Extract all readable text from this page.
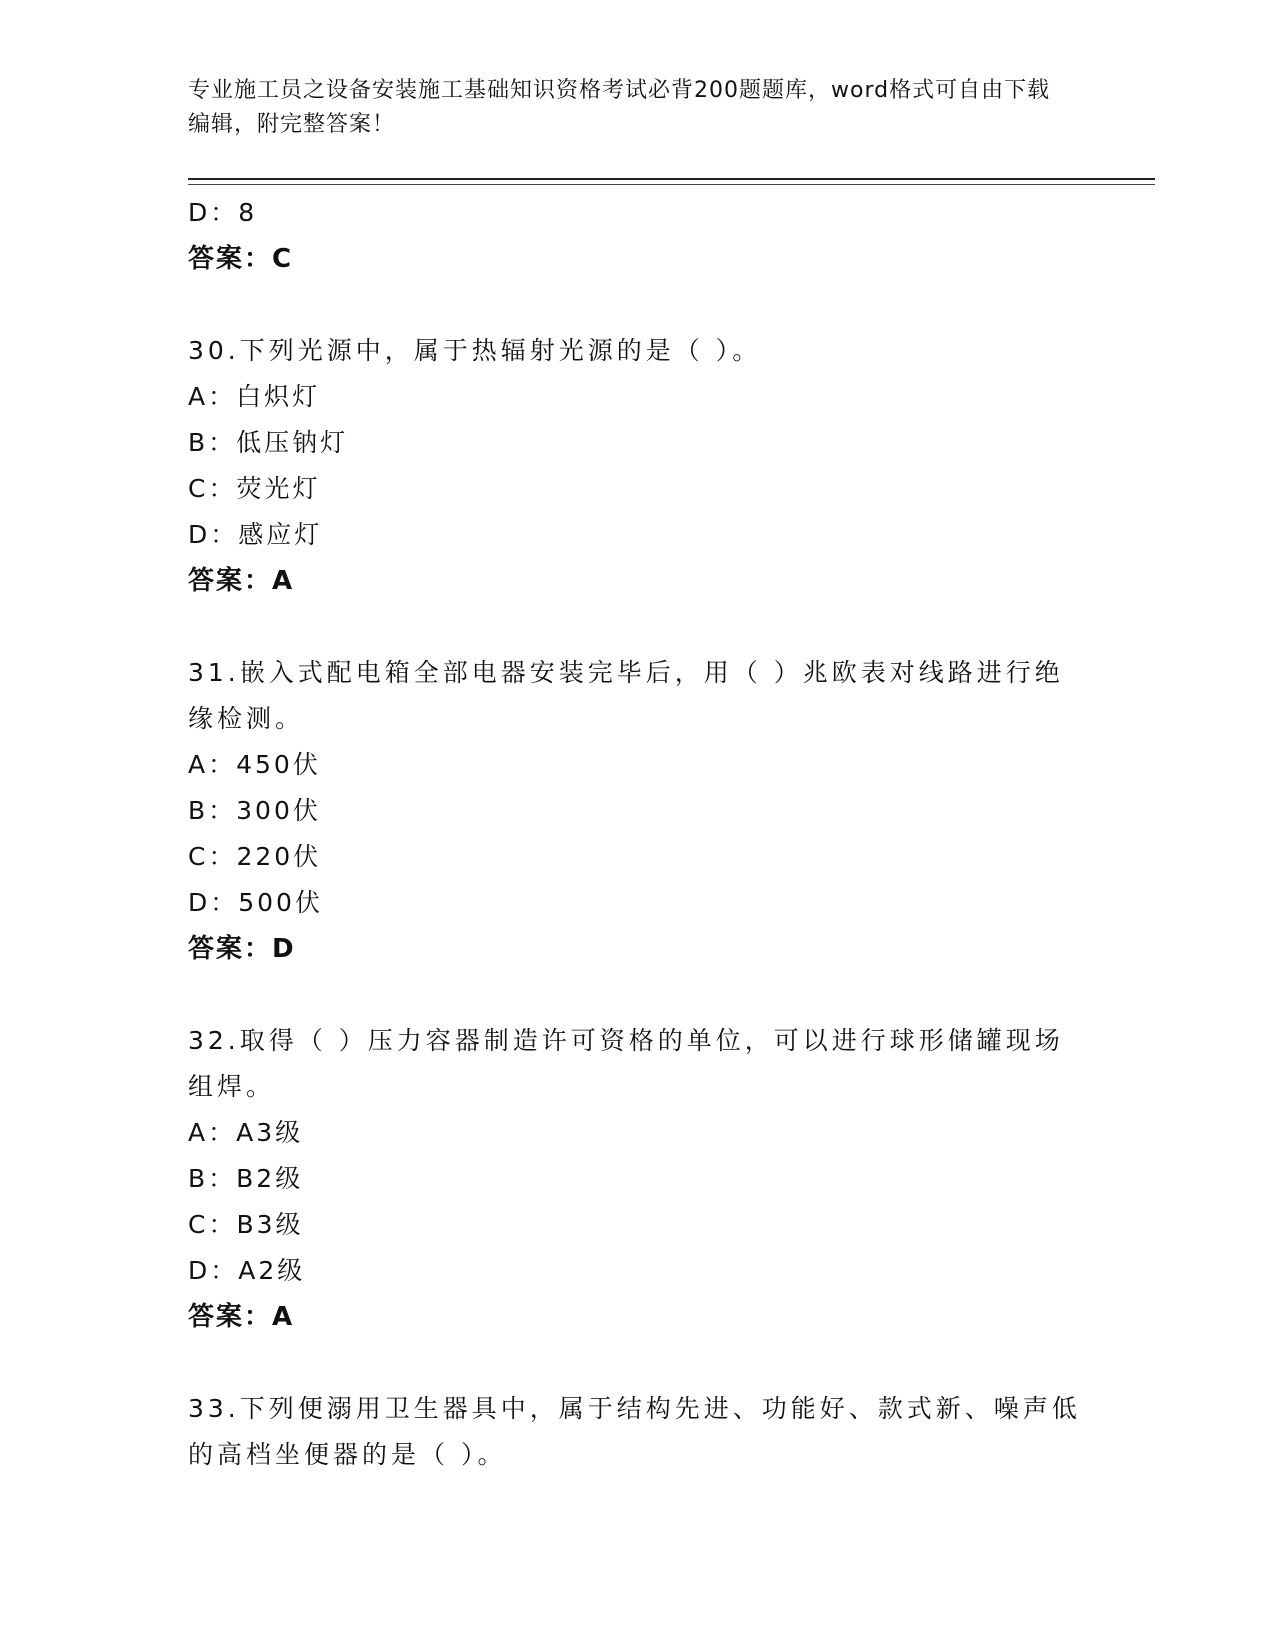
专业施工员之设备安装施工基础知识资格考试必背200题题库，word格式可自由下载编辑，附完整答案！
D：8
答案：C
30.下列光源中，属于热辐射光源的是（ ）。
A：白炽灯
B：低压钠灯
C：荧光灯
D：感应灯
答案：A
31.嵌入式配电箱全部电器安装完毕后，用（ ）兆欧表对线路进行绝缘检测。
A：450伏
B：300伏
C：220伏
D：500伏
答案：D
32.取得（ ）压力容器制造许可资格的单位，可以进行球形储罐现场组焊。
A：A3级
B：B2级
C：B3级
D：A2级
答案：A
33.下列便溺用卫生器具中，属于结构先进、功能好、款式新、噪声低的高档坐便器的是（ ）。
